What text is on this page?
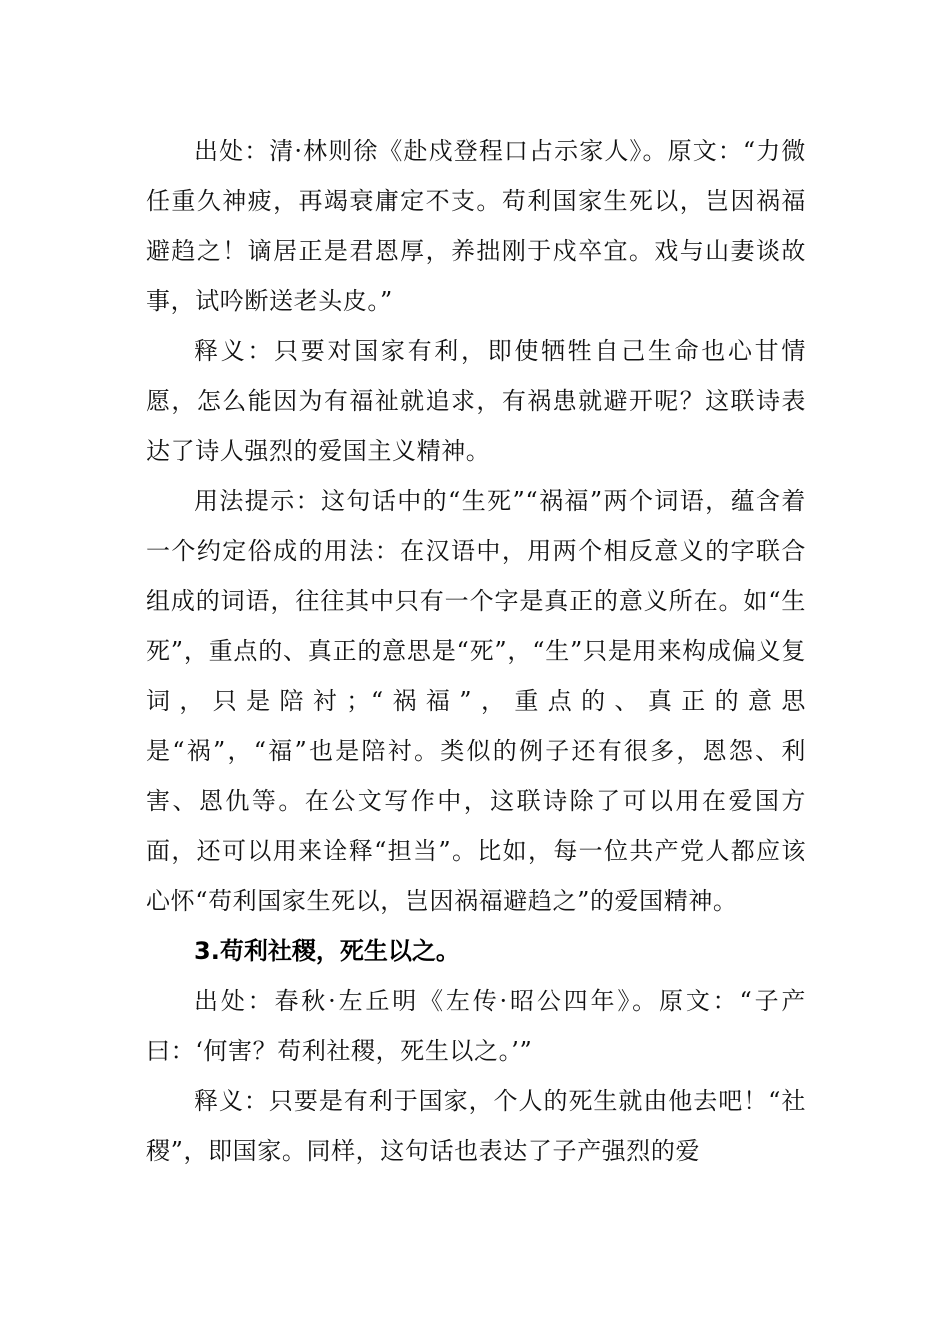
出处：清·林则徐《赴戍登程口占示家人》。原文：“力微任重久神疲，再竭衰庸定不支。苟利国家生死以，岂因祸福避趋之！谪居正是君恩厚，养拙刚于戍卒宜。戏与山妻谈故事，试吟断送老头皮。”

释义：只要对国家有利，即使牺牲自己生命也心甘情愿，怎么能因为有福祉就追求，有祸患就避开呢？这联诗表达了诗人强烈的爱国主义精神。

用法提示：这句话中的“生死”“祸福”两个词语，蕴含着一个约定俗成的用法：在汉语中，用两个相反意义的字联合组成的词语，往往其中只有一个字是真正的意义所在。如“生死”，重点的、真正的意思是“死”，“生”只是用来构成偏义复词，只是陪衬；“祸福”，重点的、真正的意思是“祸”，“福”也是陪衬。类似的例子还有很多，恩怨、利害、恩仇等。在公文写作中，这联诗除了可以用在爱国方面，还可以用来诠释“担当”。比如，每一位共产党人都应该心怀“苟利国家生死以，岂因祸福避趋之”的爱国精神。

3.苟利社稷，死生以之。

出处：春秋·左丘明《左传·昭公四年》。原文：“子产曰：‘何害？苟利社稷，死生以之。’”

释义：只要是有利于国家，个人的死生就由他去吧！“社稷”，即国家。同样，这句话也表达了子产强烈的爱
